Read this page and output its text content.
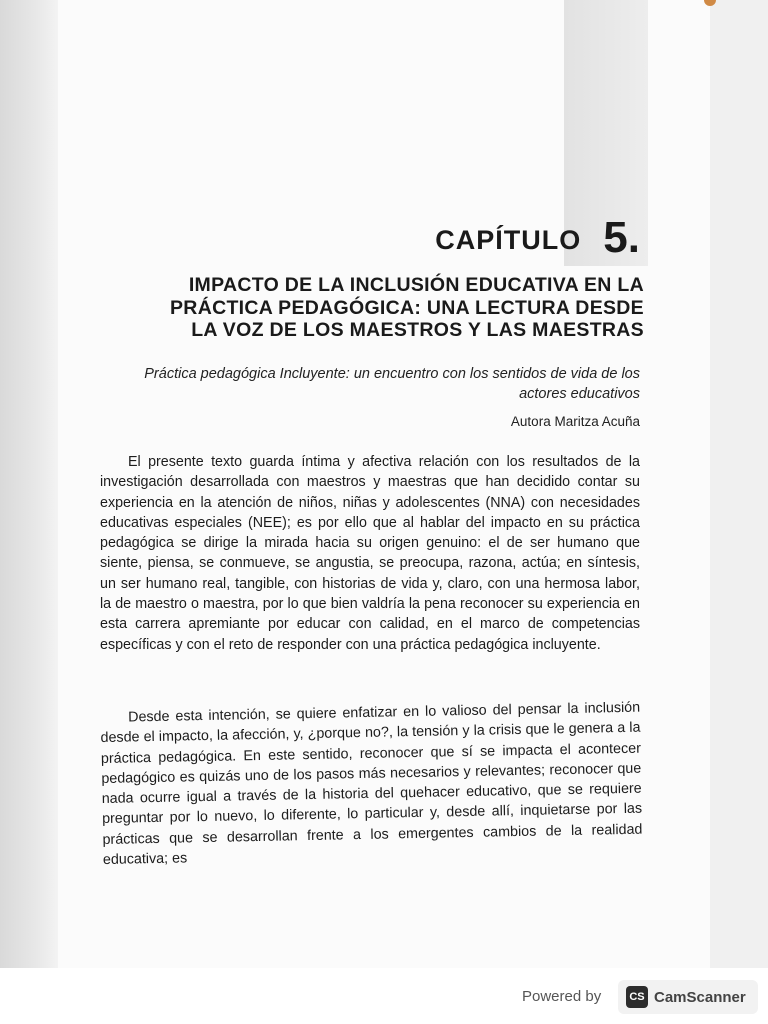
CAPÍTULO 5.
IMPACTO DE LA INCLUSIÓN EDUCATIVA EN LA
PRÁCTICA PEDAGÓGICA: UNA LECTURA DESDE
LA VOZ DE LOS MAESTROS Y LAS MAESTRAS
Práctica pedagógica Incluyente: un encuentro con los sentidos de vida de los actores educativos
Autora Maritza Acuña

El presente texto guarda íntima y afectiva relación con los resultados de la investigación desarrollada con maestros y maestras que han decidido contar su experiencia en la atención de niños, niñas y adolescentes (NNA) con necesidades educativas especiales (NEE); es por ello que al hablar del impacto en su práctica pedagógica se dirige la mirada hacia su origen genuino: el de ser humano que siente, piensa, se conmueve, se angustia, se preocupa, razona, actúa; en síntesis, un ser humano real, tangible, con historias de vida y, claro, con una hermosa labor, la de maestro o maestra, por lo que bien valdría la pena reconocer su experiencia en esta carrera apremiante por educar con calidad, en el marco de competencias específicas y con el reto de responder con una práctica pedagógica incluyente.

Desde esta intención, se quiere enfatizar en lo valioso del pensar la inclusión desde el impacto, la afección, y, ¿porque no?, la tensión y la crisis que le genera a la práctica pedagógica. En este sentido, reconocer que sí se impacta el acontecer pedagógico es quizás uno de los pasos más necesarios y relevantes; reconocer que nada ocurre igual a través de la historia del quehacer educativo, que se requiere preguntar por lo nuevo, lo diferente, lo particular y, desde allí, inquietarse por las prácticas que se desarrollan frente a los emergentes cambios de la realidad educativa; es

Powered by	CS CamScanner
